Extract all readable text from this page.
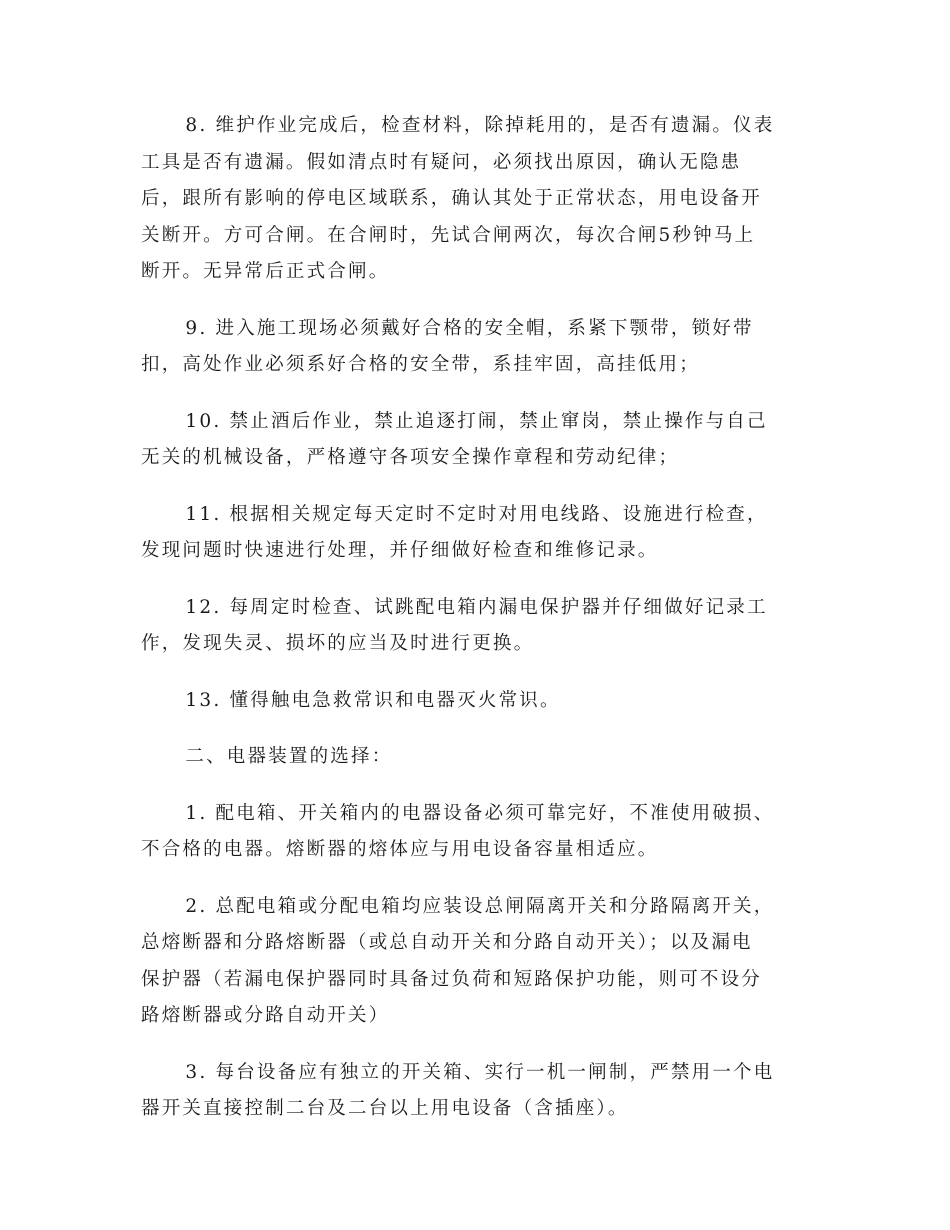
8. 维护作业完成后，检查材料，除掉耗用的，是否有遗漏。仪表
工具是否有遗漏。假如清点时有疑问，必须找出原因，确认无隐患
后，跟所有影响的停电区域联系，确认其处于正常状态，用电设备开
关断开。方可合闸。在合闸时，先试合闸两次，每次合闸5秒钟马上
断开。无异常后正式合闸。

9. 进入施工现场必须戴好合格的安全帽，系紧下颚带，锁好带
扣，高处作业必须系好合格的安全带，系挂牢固，高挂低用；

10. 禁止酒后作业，禁止追逐打闹，禁止窜岗，禁止操作与自己
无关的机械设备，严格遵守各项安全操作章程和劳动纪律；

11. 根据相关规定每天定时不定时对用电线路、设施进行检查，
发现问题时快速进行处理，并仔细做好检查和维修记录。

12. 每周定时检查、试跳配电箱内漏电保护器并仔细做好记录工
作，发现失灵、损坏的应当及时进行更换。

13. 懂得触电急救常识和电器灭火常识。

二、电器装置的选择：

1. 配电箱、开关箱内的电器设备必须可靠完好，不准使用破损、
不合格的电器。熔断器的熔体应与用电设备容量相适应。

2. 总配电箱或分配电箱均应装设总闸隔离开关和分路隔离开关，
总熔断器和分路熔断器（或总自动开关和分路自动开关）；以及漏电
保护器（若漏电保护器同时具备过负荷和短路保护功能，则可不设分
路熔断器或分路自动开关）

3. 每台设备应有独立的开关箱、实行一机一闸制，严禁用一个电
器开关直接控制二台及二台以上用电设备（含插座）。
